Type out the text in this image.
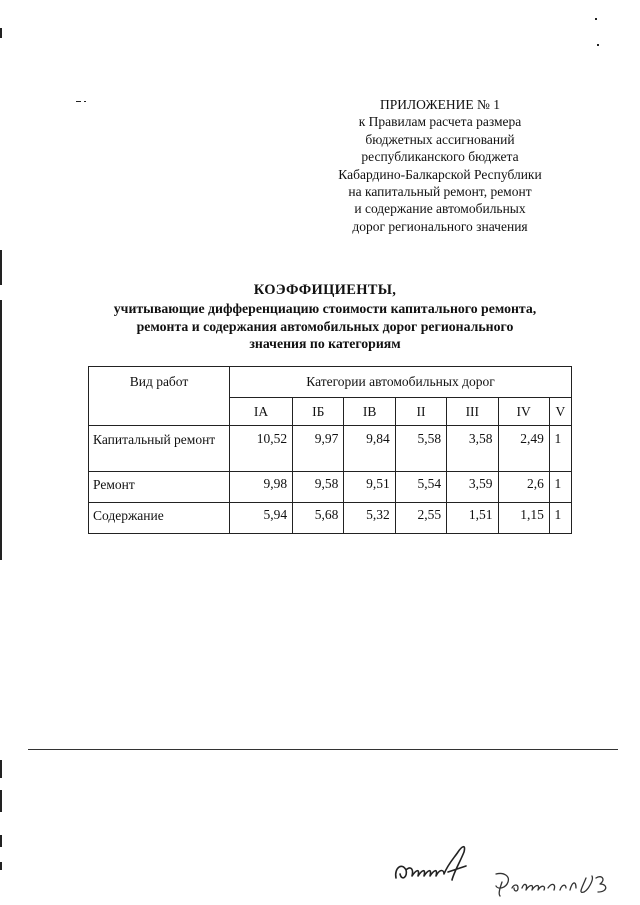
ПРИЛОЖЕНИЕ № 1
к Правилам расчета размера
бюджетных ассигнований
республиканского бюджета
Кабардино-Балкарской Республики
на капитальный ремонт, ремонт
и содержание автомобильных
дорог регионального значения
КОЭФФИЦИЕНТЫ,
учитывающие дифференциацию стоимости капитального ремонта,
ремонта и содержания автомобильных дорог регионального
значения по категориям
Вид работ	Категории автомобильных дорог						
	IА	IБ	IВ	II	III	IV	V
Капитальный ремонт	10,52	9,97	9,84	5,58	3,58	2,49	1
Ремонт	9,98	9,58	9,51	5,54	3,59	2,6	1
Содержание	5,94	5,68	5,32	2,55	1,51	1,15	1
